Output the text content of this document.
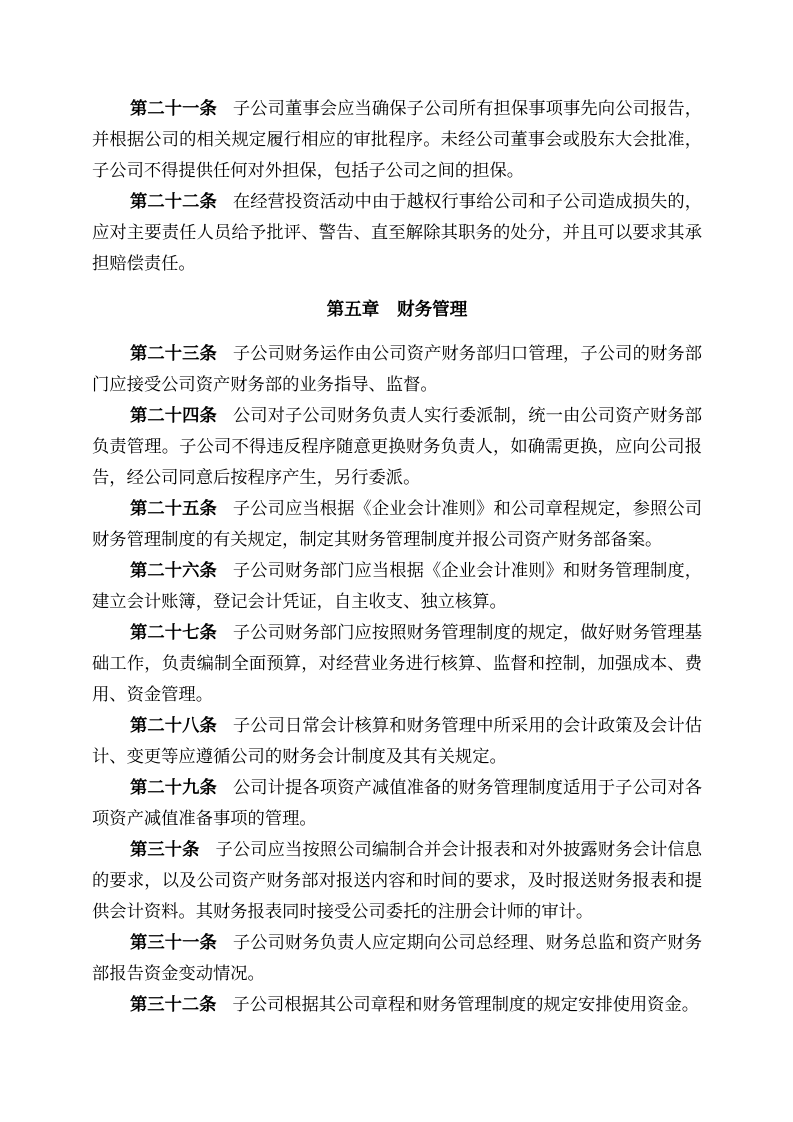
第二十一条 子公司董事会应当确保子公司所有担保事项事先向公司报告，并根据公司的相关规定履行相应的审批程序。未经公司董事会或股东大会批准，子公司不得提供任何对外担保，包括子公司之间的担保。

第二十二条 在经营投资活动中由于越权行事给公司和子公司造成损失的，应对主要责任人员给予批评、警告、直至解除其职务的处分，并且可以要求其承担赔偿责任。

第五章　财务管理

第二十三条 子公司财务运作由公司资产财务部归口管理，子公司的财务部门应接受公司资产财务部的业务指导、监督。

第二十四条 公司对子公司财务负责人实行委派制，统一由公司资产财务部负责管理。子公司不得违反程序随意更换财务负责人，如确需更换，应向公司报告，经公司同意后按程序产生，另行委派。

第二十五条 子公司应当根据《企业会计准则》和公司章程规定，参照公司财务管理制度的有关规定，制定其财务管理制度并报公司资产财务部备案。

第二十六条 子公司财务部门应当根据《企业会计准则》和财务管理制度，建立会计账簿，登记会计凭证，自主收支、独立核算。

第二十七条 子公司财务部门应按照财务管理制度的规定，做好财务管理基础工作，负责编制全面预算，对经营业务进行核算、监督和控制，加强成本、费用、资金管理。

第二十八条 子公司日常会计核算和财务管理中所采用的会计政策及会计估计、变更等应遵循公司的财务会计制度及其有关规定。

第二十九条 公司计提各项资产减值准备的财务管理制度适用于子公司对各项资产减值准备事项的管理。

第三十条 子公司应当按照公司编制合并会计报表和对外披露财务会计信息的要求，以及公司资产财务部对报送内容和时间的要求，及时报送财务报表和提供会计资料。其财务报表同时接受公司委托的注册会计师的审计。

第三十一条 子公司财务负责人应定期向公司总经理、财务总监和资产财务部报告资金变动情况。

第三十二条 子公司根据其公司章程和财务管理制度的规定安排使用资金。
